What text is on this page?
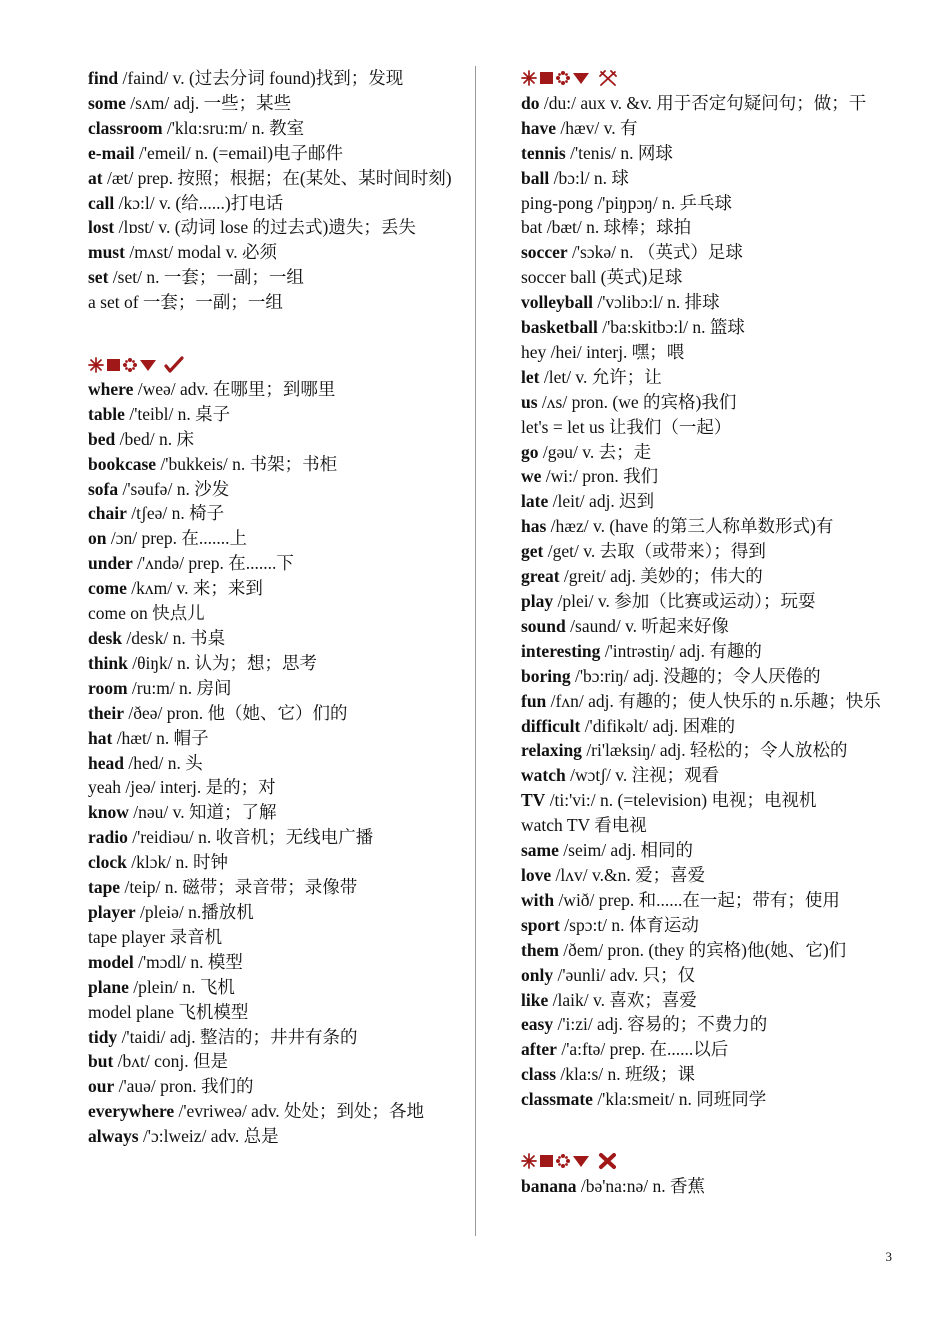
find /faind/ v. (过去分词 found)找到；发现
some /sʌm/ adj. 一些；某些
classroom /'klɑ:sru:m/ n. 教室
e-mail /'emeil/ n. (=email)电子邮件
at /æt/ prep. 按照；根据；在(某处、某时间时刻)
call /kɔ:l/ v. (给......)打电话
lost /lɒst/ v. (动词 lose 的过去式)遗失；丢失
must /mʌst/ modal v. 必须
set /set/ n. 一套；一副；一组
a set of 一套；一副；一组
where /weə/ adv. 在哪里；到哪里
table /'teibl/ n. 桌子
bed /bed/ n. 床
bookcase /'bukkeis/ n. 书架；书柜
sofa /'səufə/ n. 沙发
chair /tʃeə/ n. 椅子
on /ɔn/ prep. 在.......上
under /'ʌndə/ prep. 在.......下
come /kʌm/ v. 来；来到
come on 快点儿
desk /desk/ n. 书桌
think /θiŋk/ n. 认为；想；思考
room /ru:m/ n. 房间
their /ðeə/ pron. 他（她、它）们的
hat /hæt/ n. 帽子
head /hed/ n. 头
yeah /jeə/ interj. 是的；对
know /nəu/ v. 知道；了解
radio /'reidiəu/ n. 收音机；无线电广播
clock /klɔk/ n. 时钟
tape /teip/ n. 磁带；录音带；录像带
player /pleiə/ n.播放机
tape player 录音机
model /'mɔdl/ n. 模型
plane /plein/ n. 飞机
model plane 飞机模型
tidy /'taidi/ adj. 整洁的；井井有条的
but /bʌt/ conj. 但是
our /'auə/ pron. 我们的
everywhere /'evriweə/ adv. 处处；到处；各地
always /'ɔ:lweiz/ adv. 总是
do /du:/ aux v. &v. 用于否定句疑问句；做；干
have /hæv/ v. 有
tennis /'tenis/ n. 网球
ball /bɔ:l/ n. 球
ping-pong /'piŋpɔŋ/ n. 乒乓球
bat /bæt/ n. 球棒；球拍
soccer /'sɔkə/ n. （英式）足球
soccer ball (英式)足球
volleyball /'vɔlibɔ:l/ n. 排球
basketball /'ba:skitbɔ:l/ n. 篮球
hey /hei/ interj. 嘿；喂
let /let/ v. 允许；让
us /ʌs/ pron. (we 的宾格)我们
let's = let us 让我们（一起）
go /gəu/ v. 去；走
we /wi:/ pron. 我们
late /leit/ adj. 迟到
has /hæz/ v. (have 的第三人称单数形式)有
get /get/ v. 去取（或带来）；得到
great /greit/ adj. 美妙的；伟大的
play /plei/ v. 参加（比赛或运动）；玩耍
sound /saund/ v. 听起来好像
interesting /'intrəstiŋ/ adj. 有趣的
boring /'bɔ:riŋ/ adj. 没趣的；令人厌倦的
fun /fʌn/ adj. 有趣的；使人快乐的 n.乐趣；快乐
difficult /'difikəlt/ adj. 困难的
relaxing /ri'læksiŋ/ adj. 轻松的；令人放松的
watch /wɔtʃ/ v. 注视；观看
TV /ti:'vi:/ n. (=television) 电视；电视机
watch TV 看电视
same /seim/ adj. 相同的
love /lʌv/ v.&n. 爱；喜爱
with /wið/ prep. 和......在一起；带有；使用
sport /spɔ:t/ n. 体育运动
them /ðem/ pron. (they 的宾格)他(她、它)们
only /'əunli/ adv. 只；仅
like /laik/ v. 喜欢；喜爱
easy /'i:zi/ adj. 容易的；不费力的
after /'a:ftə/ prep. 在......以后
class /kla:s/ n. 班级；课
classmate /'kla:smeit/ n. 同班同学
banana /bə'na:nə/ n. 香蕉
3
